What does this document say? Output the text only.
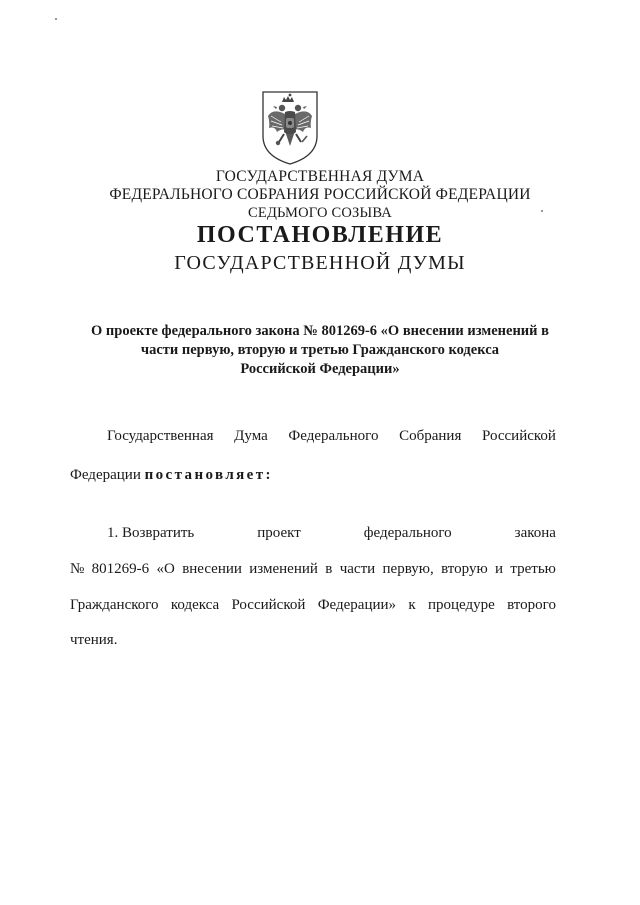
ГОСУДАРСТВЕННАЯ ДУМА
ФЕДЕРАЛЬНОГО СОБРАНИЯ РОССИЙСКОЙ ФЕДЕРАЦИИ
СЕДЬМОГО СОЗЫВА
ПОСТАНОВЛЕНИЕ
ГОСУДАРСТВЕННОЙ ДУМЫ
О проекте федерального закона № 801269-6 «О внесении изменений в
части первую, вторую и третью Гражданского кодекса
Российской Федерации»
Государственная Дума Федерального Собрания Российской
Федерации постановляет:
1. Возвратить	проект	федерального	закона
№ 801269-6 «О внесении изменений в части первую, вторую и третью
Гражданского кодекса Российской Федерации» к процедуре второго
чтения.
